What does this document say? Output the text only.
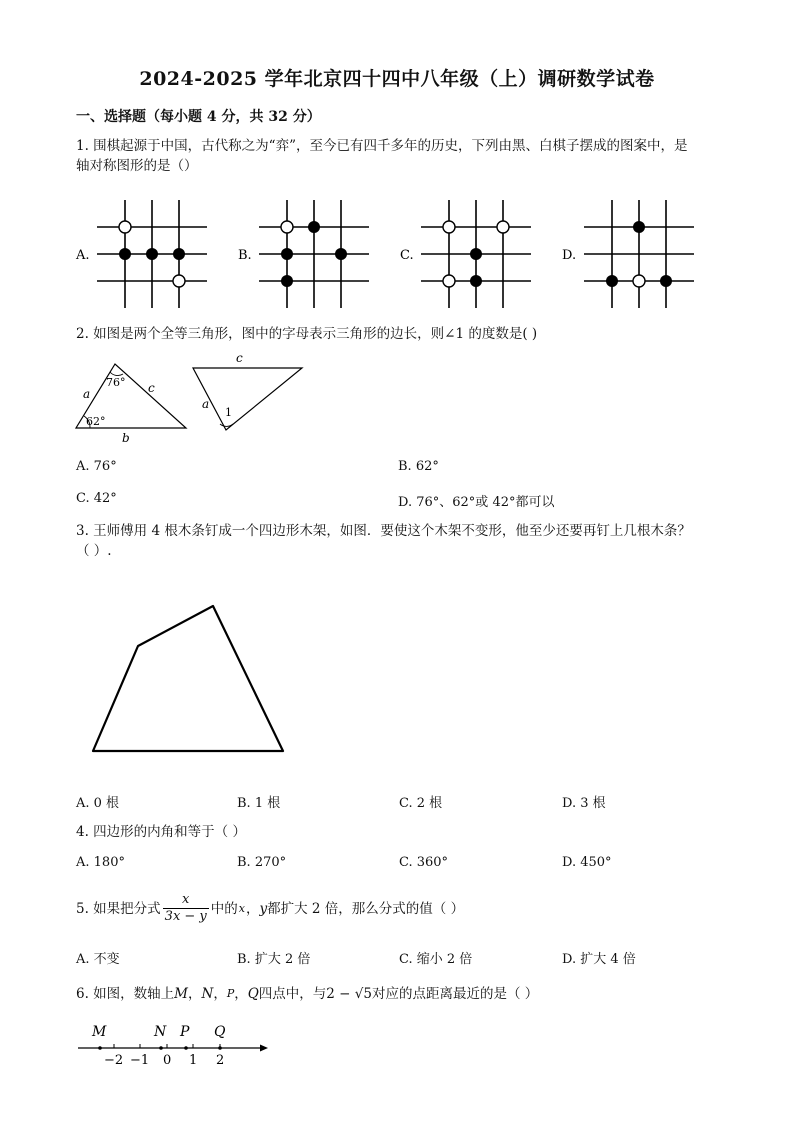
2024-2025 学年北京四十四中八年级（上）调研数学试卷
一、选择题（每小题 4 分，共 32 分）
1. 围棋起源于中国，古代称之为“弈”，至今已有四千多年的历史，下列由黑、白棋子摆成的图案中，是
轴对称图形的是（）
A.	B.	C.	D.
2. 如图是两个全等三角形，图中的字母表示三角形的边长，则∠1 的度数是( )
76°
62°
a	c
b
c
a
1
A. 76°	B. 62°
C. 42°	D. 76°、62°或 42°都可以
3. 王师傅用 4 根木条钉成一个四边形木架，如图．要使这个木架不变形，他至少还要再钉上几根木条？
（ ）.
A. 0 根	B. 1 根	C. 2 根	D. 3 根
4. 四边形的内角和等于（ ）
A. 180°	B. 270°	C. 360°	D. 450°
5. 如果把分式 $\frac{x}{3x - y}$ 中的 x ， y 都扩大 2 倍，那么分式的值（ ）
A. 不变	B. 扩大 2 倍	C. 缩小 2 倍	D. 扩大 4 倍
6. 如图，数轴上 M ， N ， P ， Q 四点中，与 2 − √5 对应的点距离最近的是（ ）
M	N P Q
−2 −1 0 1 2
